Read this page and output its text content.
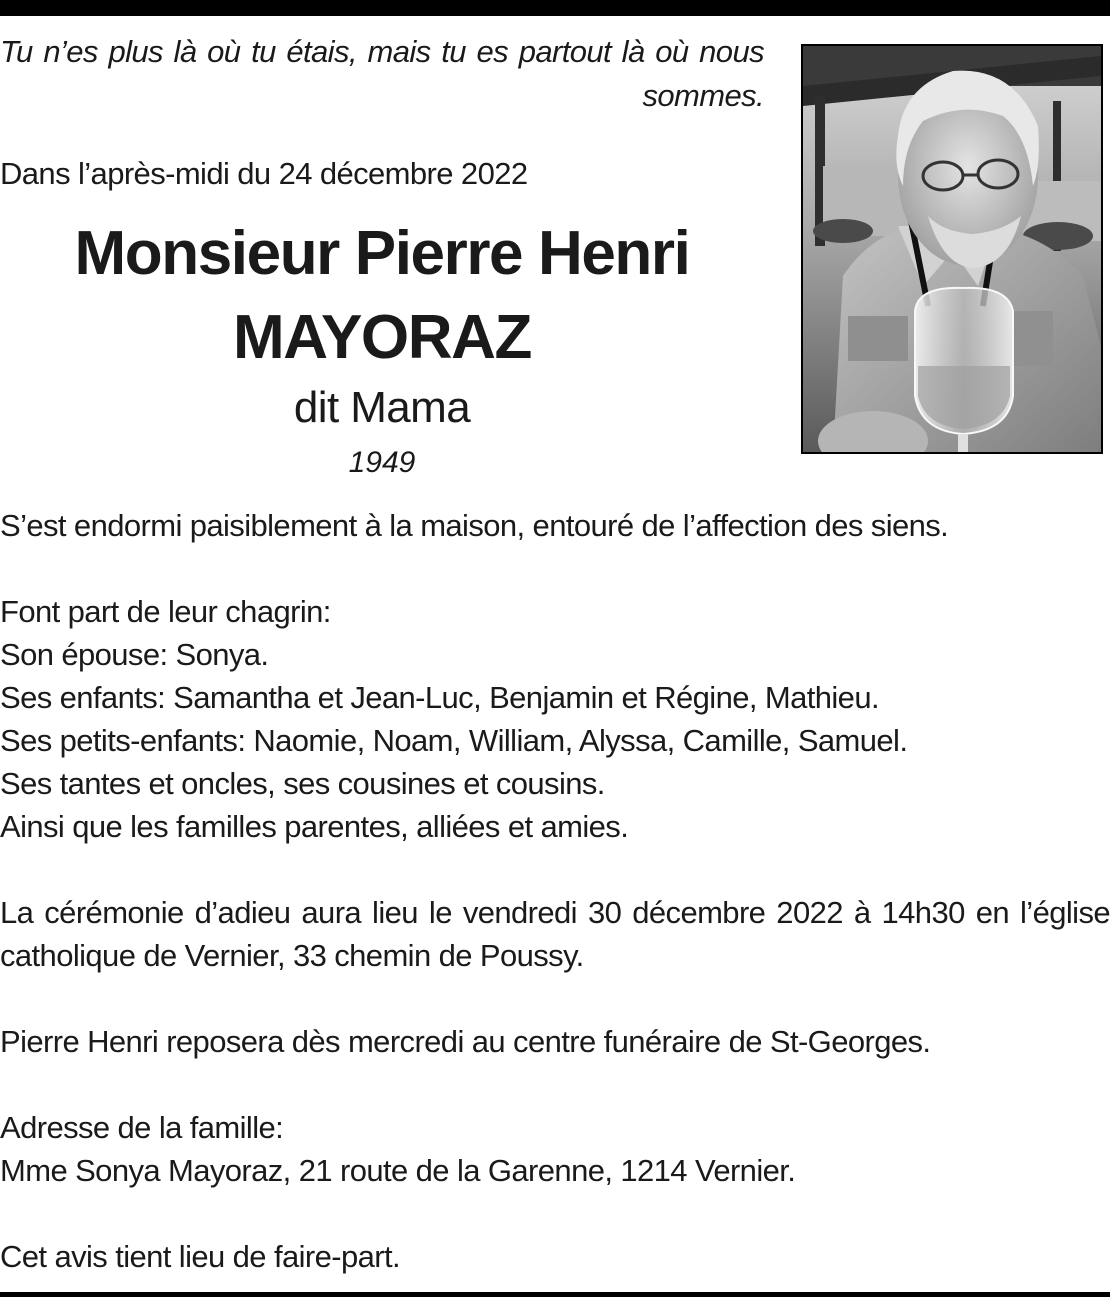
Tu n’es plus là où tu étais, mais tu es partout là où nous sommes.
Dans l’après-midi du 24 décembre 2022
Monsieur Pierre Henri
MAYORAZ
dit Mama
1949

S’est endormi paisiblement à la maison, entouré de l’affection des siens.

Font part de leur chagrin:

Son épouse: Sonya.

Ses enfants: Samantha et Jean-Luc, Benjamin et Régine, Mathieu.

Ses petits-enfants: Naomie, Noam, William, Alyssa, Camille, Samuel.

Ses tantes et oncles, ses cousines et cousins.

Ainsi que les familles parentes, alliées et amies.

La cérémonie d’adieu aura lieu le vendredi 30 décembre 2022 à 14h30 en l’église catholique de Vernier, 33 chemin de Poussy.

Pierre Henri reposera dès mercredi au centre funéraire de St-Georges.

Adresse de la famille:

Mme Sonya Mayoraz, 21 route de la Garenne, 1214 Vernier.

Cet avis tient lieu de faire-part.
